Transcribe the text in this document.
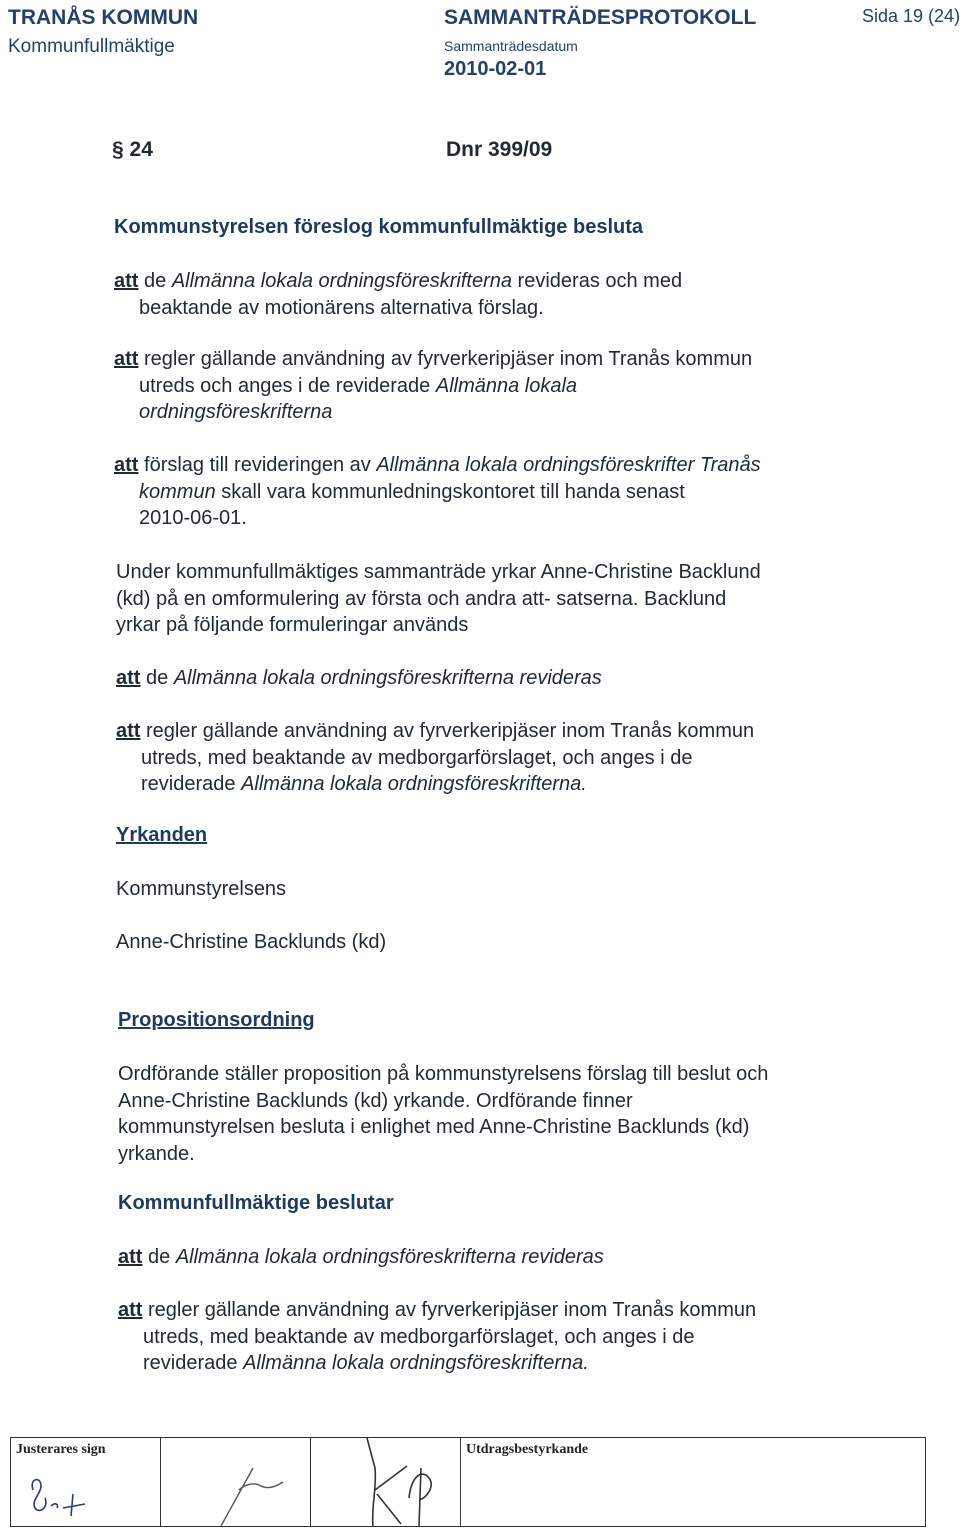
TRANÅS KOMMUN
Kommunfullmäktige
SAMMANTRÄDESPROTOKOLL
Sammanträdesdatum
2010-02-01
Sida 19 (24)
§ 24	Dnr 399/09
Kommunstyrelsen föreslog kommunfullmäktige besluta
att de Allmänna lokala ordningsföreskrifterna revideras och med
beaktande av motionärens alternativa förslag.
att regler gällande användning av fyrverkeripjäser inom Tranås kommun
utreds och anges i de reviderade Allmänna lokala
ordningsföreskrifterna
att förslag till revideringen av Allmänna lokala ordningsföreskrifter Tranås
kommun skall vara kommunledningskontoret till handa senast
2010-06-01.
Under kommunfullmäktiges sammanträde yrkar Anne-Christine Backlund
(kd) på en omformulering av första och andra att- satserna. Backlund
yrkar på följande formuleringar används
att de Allmänna lokala ordningsföreskrifterna revideras
att regler gällande användning av fyrverkeripjäser inom Tranås kommun
utreds, med beaktande av medborgarförslaget, och anges i de
reviderade Allmänna lokala ordningsföreskrifterna.
Yrkanden
Kommunstyrelsens
Anne-Christine Backlunds (kd)
Propositionsordning
Ordförande ställer proposition på kommunstyrelsens förslag till beslut och
Anne-Christine Backlunds (kd) yrkande. Ordförande finner
kommunstyrelsen besluta i enlighet med Anne-Christine Backlunds (kd)
yrkande.
Kommunfullmäktige beslutar
att de Allmänna lokala ordningsföreskrifterna revideras
att regler gällande användning av fyrverkeripjäser inom Tranås kommun
utreds, med beaktande av medborgarförslaget, och anges i de
reviderade Allmänna lokala ordningsföreskrifterna.
Justerares sign	Utdragsbestyrkande
